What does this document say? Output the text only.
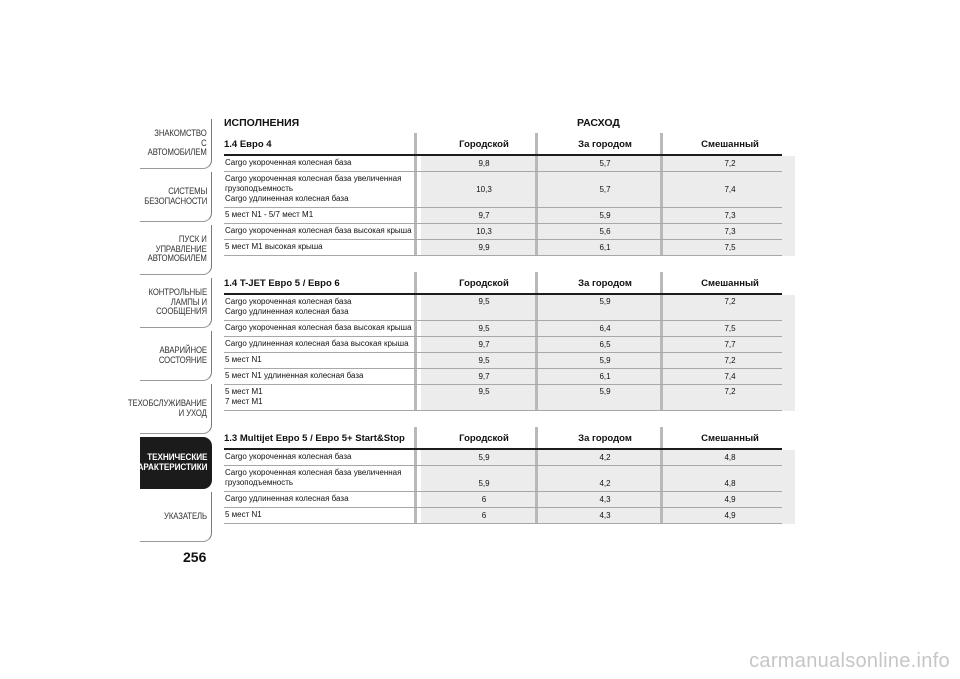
ЗНАКОМСТВО С
АВТОМОБИЛЕМ
СИСТЕМЫ
БЕЗОПАСНОСТИ
ПУСК И УПРАВЛЕНИЕ
АВТОМОБИЛЕМ
КОНТРОЛЬНЫЕ
ЛАМПЫ И
СООБЩЕНИЯ
АВАРИЙНОЕ
СОСТОЯНИЕ
ТЕХОБСЛУЖИВАНИЕ
И УХОД
ТЕХНИЧЕСКИЕ
ХАРАКТЕРИСТИКИ
УКАЗАТЕЛЬ
256
ИСПОЛНЕНИЯ	РАСХОД
1.4 Евро 4	Городской	За городом	Смешанный
Cargo укороченная колесная база	9,8	5,7	7,2
Cargo укороченная колесная база увеличенная
грузоподъемность
Cargo удлиненная колесная база
10,3	5,7	7,4
5 мест N1 - 5/7 мест M1	9,7	5,9	7,3
Cargo укороченная колесная база высокая крыша	10,3	5,6	7,3
5 мест M1 высокая крыша	9,9	6,1	7,5
1.4 T-JET Евро 5 / Евро 6	Городской	За городом	Смешанный
Cargo укороченная колесная база
Cargo удлиненная колесная база
9,5	5,9	7,2
Cargo укороченная колесная база высокая крыша	9,5	6,4	7,5
Cargo удлиненная колесная база высокая крыша	9,7	6,5	7,7
5 мест N1	9,5	5,9	7,2
5 мест N1 удлиненная колесная база	9,7	6,1	7,4
5 мест M1
7 мест M1
9,5	5,9	7,2
1.3 Multijet Евро 5 / Евро 5+ Start&Stop	Городской	За городом	Смешанный
Cargo укороченная колесная база	5,9	4,2	4,8
Cargo укороченная колесная база увеличенная
грузоподъемность	5,9	4,2	4,8
Cargo удлиненная колесная база	6	4,3	4,9
5 мест N1	6	4,3	4,9
carmanualsonline.info
